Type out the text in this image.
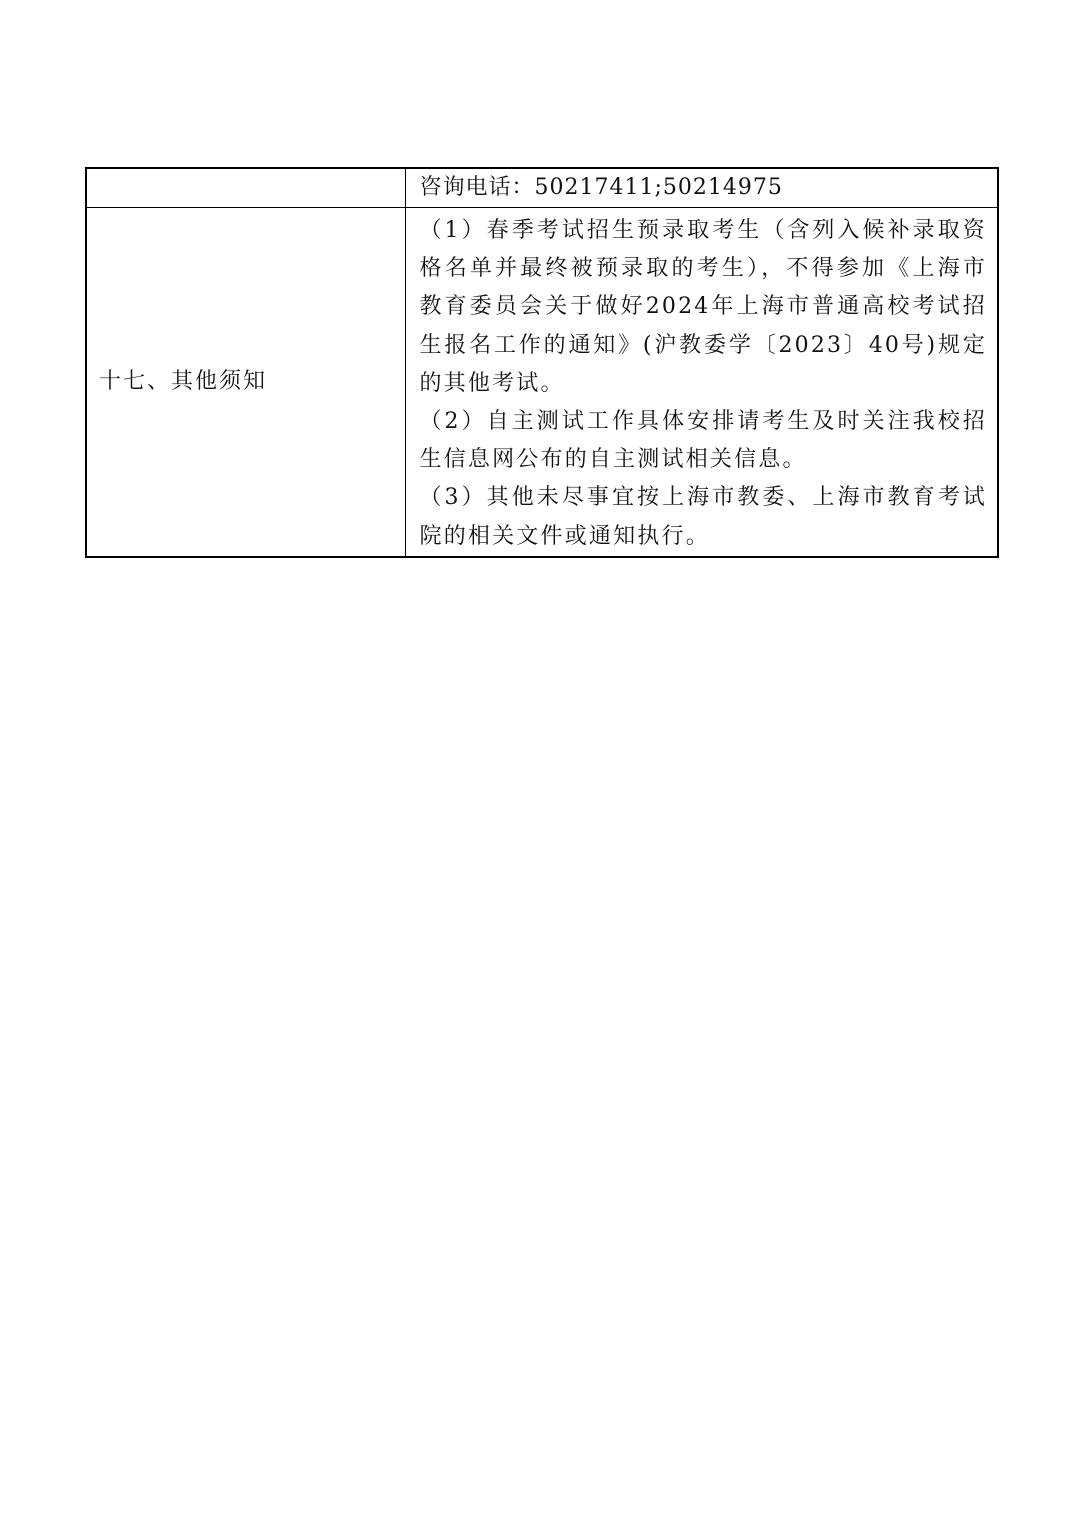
	咨询电话：50217411;50214975
十七、其他须知	（1）春季考试招生预录取考生（含列入候补录取资格名单并最终被预录取的考生），不得参加《上海市教育委员会关于做好2024年上海市普通高校考试招生报名工作的通知》(沪教委学〔2023〕40号)规定的其他考试。

（2）自主测试工作具体安排请考生及时关注我校招生信息网公布的自主测试相关信息。

（3）其他未尽事宜按上海市教委、上海市教育考试院的相关文件或通知执行。
